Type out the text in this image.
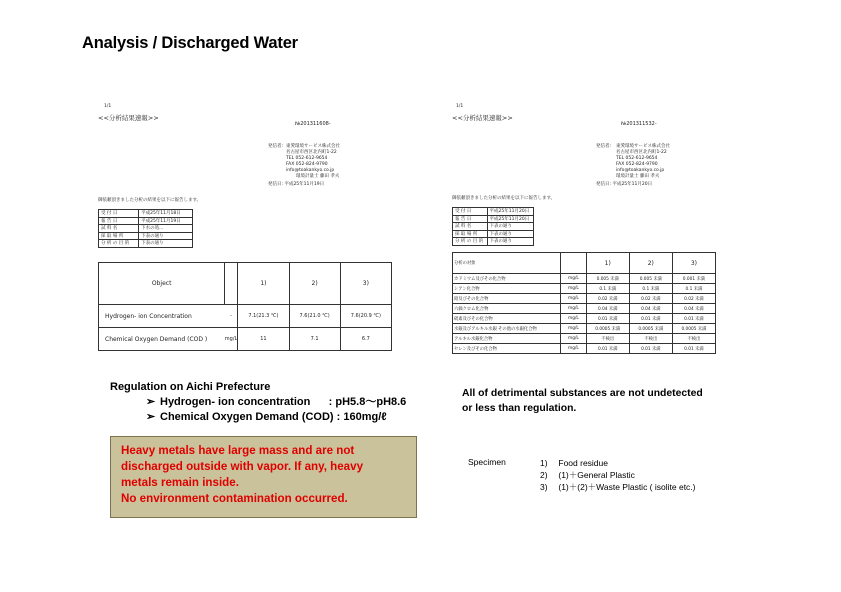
Analysis / Discharged Water
1/1
<<分析結果速報>>
№201311608-
発信者: 東愛環境サービス株式会社
名古屋市西区北内町1-22
TEL 052-612-9654
FAX 052-824-9790
info@toakankyo.co.jp
環境計量士 藤田 孝夫
発信日: 平成25年11月19日
御依頼頂きました分析の結果を以下に報告します。
受 付 日	平成25年11月18日
報 告 日	平成25年11月19日
試 料 名	下水の処...
採 取 場 所	下表の通り
分 析 の 目 的	下表の通り
Object		1)	2)	3)
Hydrogen- ion Concentration	-	7.1(21.3 ℃)	7.6(21.0 ℃)	7.6(20.9 ℃)
Chemical Oxygen Demand (COD )	mg/L	11	7.1	6.7
1/1
<<分析結果速報>>
№201311532-
発信者: 東愛環境サービス株式会社
名古屋市西区北内町1-22
TEL 052-612-9654
FAX 052-824-9790
info@toakankyo.co.jp
環境計量士 藤田 孝夫
発信日: 平成25年11月20日
御依頼頂きました分析の結果を以下に報告します。
受 付 日	平成25年11月20日
報 告 日	平成25年11月20日
試 料 名	下表の通り
採 取 場 所	下表の通り
分 析 の 目 的	下表の通り
分析の対象		1)	2)	3)
カドミウム及びその化合物	mg/L	0.005 未満	0.005 未満	0.001 未満
シアン化合物	mg/L	0.1 未満	0.1 未満	0.1 未満
鉛及びその化合物	mg/L	0.02 未満	0.02 未満	0.02 未満
六価クロム化合物	mg/L	0.04 未満	0.04 未満	0.04 未満
砒素及びその化合物	mg/L	0.01 未満	0.01 未満	0.01 未満
水銀及びアルキル水銀 その他の水銀化合物	mg/L	0.0005 未満	0.0005 未満	0.0005 未満
アルキル水銀化合物	mg/L	不検出	不検出	不検出
セレン及びその化合物	mg/L	0.01 未満	0.01 未満	0.01 未満
Regulation on Aichi Prefecture
➢ Hydrogen- ion concentration      : pH5.8～pH8.6
➢ Chemical Oxygen Demand (COD) : 160mg/ℓ
Heavy metals have large mass and are not
discharged outside with vapor. If any, heavy
metals remain inside.
No environment contamination occurred.
All of detrimental substances are not undetected
or less than regulation.
Specimen	1) Food residue
2) (1)＋General Plastic
3) (1)＋(2)＋Waste Plastic ( isolite etc.)
